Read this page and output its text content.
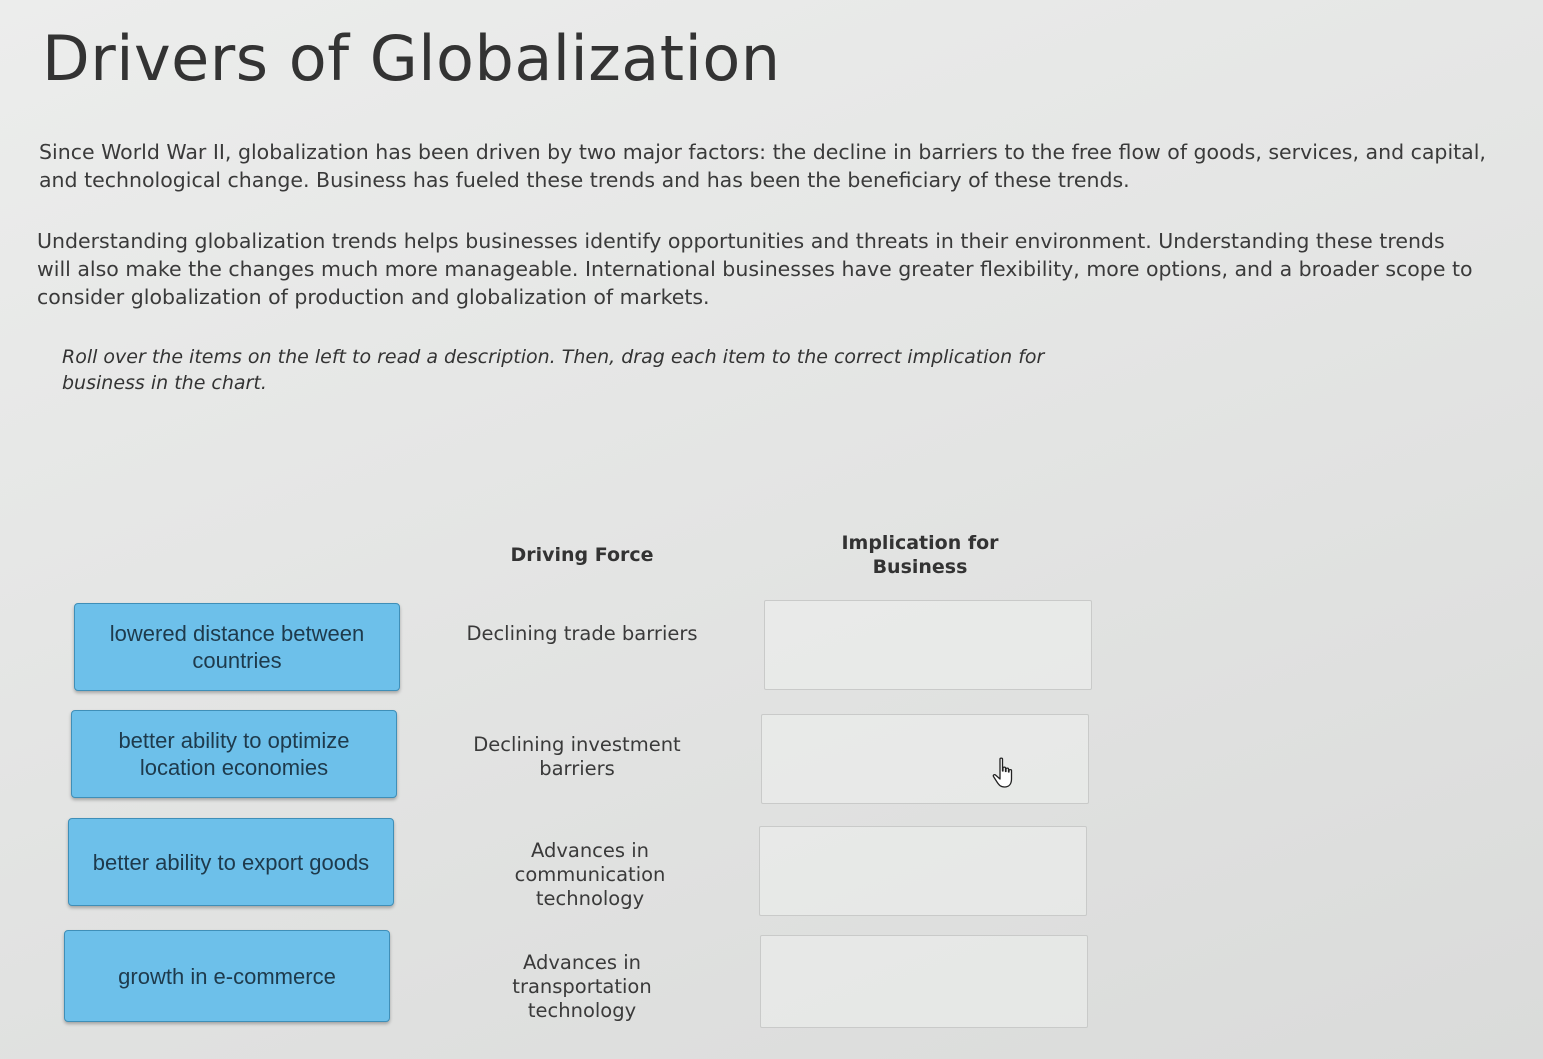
Drivers of Globalization

Since World War II, globalization has been driven by two major factors: the decline in barriers to the free flow of goods, services, and capital, and technological change. Business has fueled these trends and has been the beneficiary of these trends.

Understanding globalization trends helps businesses identify opportunities and threats in their environment. Understanding these trends will also make the changes much more manageable. International businesses have greater flexibility, more options, and a broader scope to consider globalization of production and globalization of markets.

Roll over the items on the left to read a description. Then, drag each item to the correct implication for business in the chart.

Driving Force
Implication for Business
lowered distance between countries
better ability to optimize location economies
better ability to export goods
growth in e-commerce
Declining trade barriers
Declining investment barriers
Advances in communication technology
Advances in transportation technology
